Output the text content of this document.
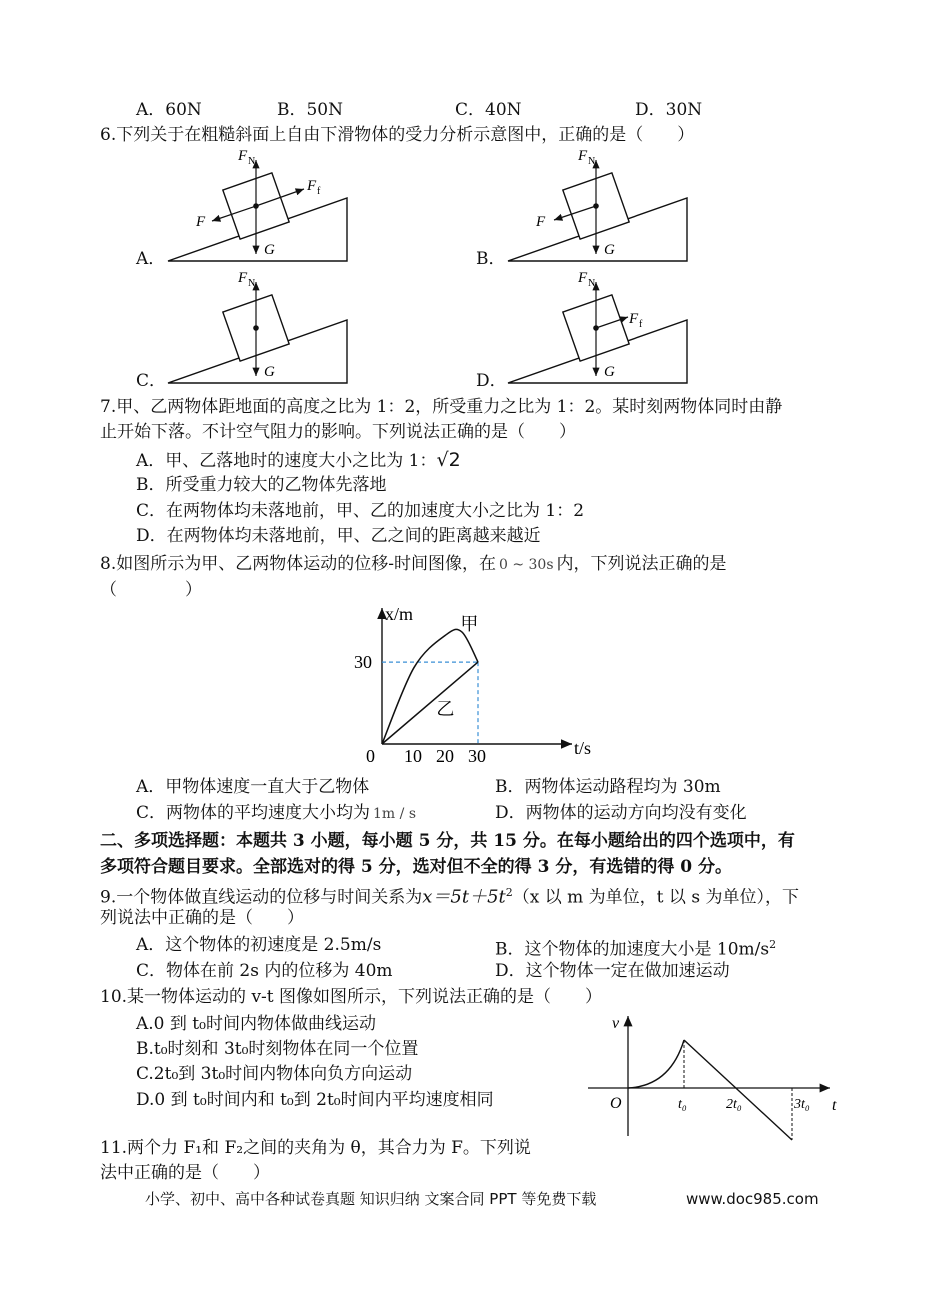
A．60N	B．50N	C．40N	D．30N
6.下列关于在粗糙斜面上自由下滑物体的受力分析示意图中，正确的是（　　）
A．	B．
C．	D．
F N
F f
F
G
F N
F
G
F N
G
F N
F f
G
7.甲、乙两物体距地面的高度之比为 1：2，所受重力之比为 1：2。某时刻两物体同时由静
止开始下落。不计空气阻力的影响。下列说法正确的是（　　）
A．甲、乙落地时的速度大小之比为 1：√2
B．所受重力较大的乙物体先落地
C．在两物体均未落地前，甲、乙的加速度大小之比为 1：2
D．在两物体均未落地前，甲、乙之间的距离越来越近
8.如图所示为甲、乙两物体运动的位移-时间图像，在 0 ~ 30s 内，下列说法正确的是
（　　　　）
x/m
t/s
甲
乙
0 10 20 30
30
A．甲物体速度一直大于乙物体	B．两物体运动路程均为 30m
C．两物体的平均速度大小均为 1m / s	D．两物体的运动方向均没有变化
二、多项选择题：本题共 3 小题，每小题 5 分，共 15 分。在每小题给出的四个选项中，有
多项符合题目要求。全部选对的得 5 分，选对但不全的得 3 分，有选错的得 0 分。
9.一个物体做直线运动的位移与时间关系为$x=5t+5t^2(x$ 以 m 为单位，t 以 s 为单位），下
列说法中正确的是（　　）
A．这个物体的初速度是 2.5m/s	B．这个物体的加速度大小是 $10m/s^2$
C．物体在前 2s 内的位移为 40m	D．这个物体一定在做加速运动
10.某一物体运动的 v-t 图像如图所示，下列说法正确的是（　　）
A.0 到 t₀时间内物体做曲线运动
B.t₀时刻和 3t₀时刻物体在同一个位置
C.2t₀到 3t₀时间内物体向负方向运动
D.0 到 t₀时间内和 t₀到 2t₀时间内平均速度相同
v
t
O	t₀	2t₀	3t₀
11.两个力 F₁和 F₂之间的夹角为 θ，其合力为 F。下列说
法中正确的是（　　）
小学、初中、高中各种试卷真题 知识归纳 文案合同 PPT 等免费下载	www.doc985.com
